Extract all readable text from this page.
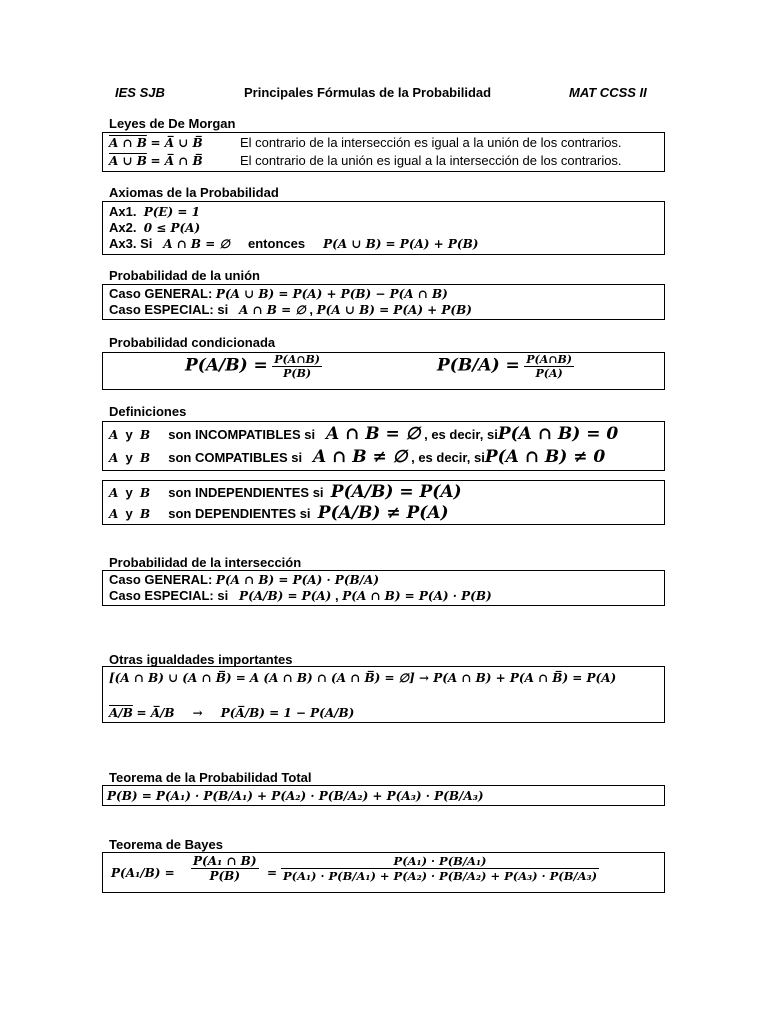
IES SJB	Principales Fórmulas de la Probabilidad	MAT CCSS II
Leyes de De Morgan
A ∩ B = A̅ ∪ B̅	El contrario de la intersección es igual a la unión de los contrarios.
A ∪ B = A̅ ∩ B̅	El contrario de la unión es igual a la intersección de los contrarios.
Axiomas de la Probabilidad
Ax1. P(E) = 1
Ax2. 0 ≤ P(A)
Ax3. Si A ∩ B = ∅ entonces P(A ∪ B) = P(A) + P(B)
Probabilidad de la unión
Caso GENERAL: P(A ∪ B) = P(A) + P(B) − P(A ∩ B)
Caso ESPECIAL: si A ∩ B = ∅ , P(A ∪ B) = P(A) + P(B)
Probabilidad condicionada
$P(A/B) = \frac{P(A\cap B)}{P(B)}$	$P(B/A) = \frac{P(A\cap B)}{P(A)}$
Definiciones
A y B son INCOMPATIBLES si A ∩ B = ∅ , es decir, siP(A ∩ B) = 0
A y B son COMPATIBLES si A ∩ B ≠ ∅ , es decir, siP(A ∩ B) ≠ 0
A y B son INDEPENDIENTES si P(A/B) = P(A)
A y B son DEPENDIENTES si P(A/B) ≠ P(A)
Probabilidad de la intersección
Caso GENERAL: P(A ∩ B) = P(A) · P(B/A)
Caso ESPECIAL: si P(A/B) = P(A) , P(A ∩ B) = P(A) · P(B)
Otras igualdades importantes
[(A ∩ B) ∪ (A ∩ B̅) = A (A ∩ B) ∩ (A ∩ B̅) = ∅] → P(A ∩ B) + P(A ∩ B̅) = P(A)
A/B = A̅/B → P(A̅/B) = 1 − P(A/B)
Teorema de la Probabilidad Total
P(B) = P(A₁) · P(B/A₁) + P(A₂) · P(B/A₂) + P(A₃) · P(B/A₃)
Teorema de Bayes
$P(A_1/B) = \frac{\text{P(A₁ ∩ B)}}{P(B)} = \frac{\text{P(A₁) · P(B/A₁)}}{\text{P(A₁) · P(B/A₁) + P(A₂) · P(B/A₂) + P(A₃) · P(B/A₃)}}$
